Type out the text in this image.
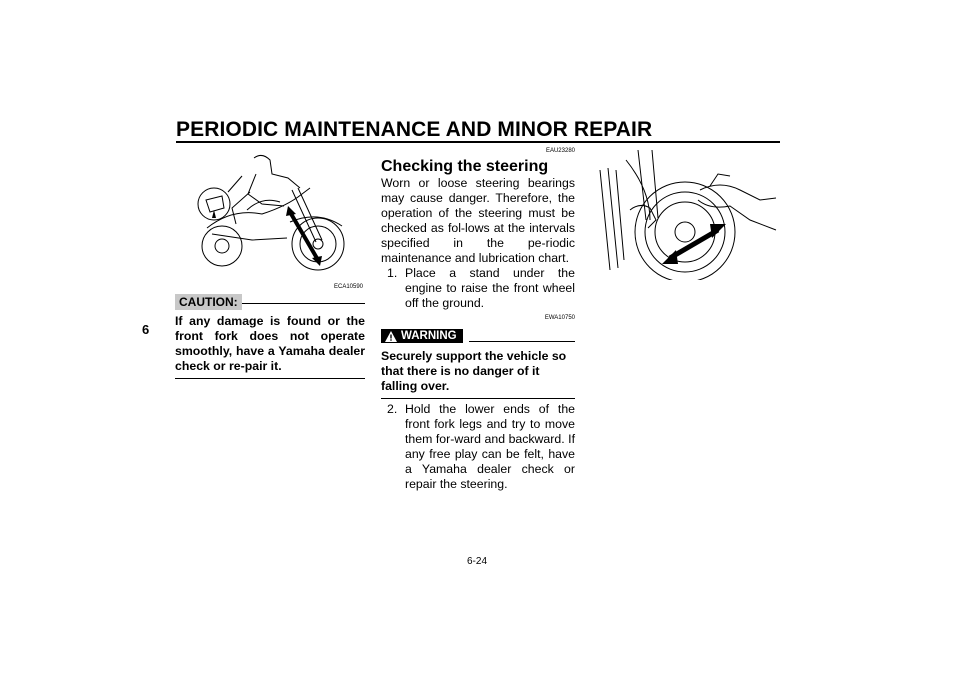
PERIODIC MAINTENANCE AND MINOR REPAIR
6
ECA10590
CAUTION:
If any damage is found or the front fork does not operate smoothly, have a Yamaha dealer check or re-pair it.
EAU23280
Checking the steering
Worn or loose steering bearings may cause danger. Therefore, the operation of the steering must be checked as fol-lows at the intervals specified in the pe-riodic maintenance and lubrication chart.
1. Place a stand under the engine to raise the front wheel off the ground.
EWA10750
WARNING
Securely support the vehicle so that there is no danger of it falling over.
2. Hold the lower ends of the front fork legs and try to move them for-ward and backward. If any free play can be felt, have a Yamaha dealer check or repair the steering.
6-24
